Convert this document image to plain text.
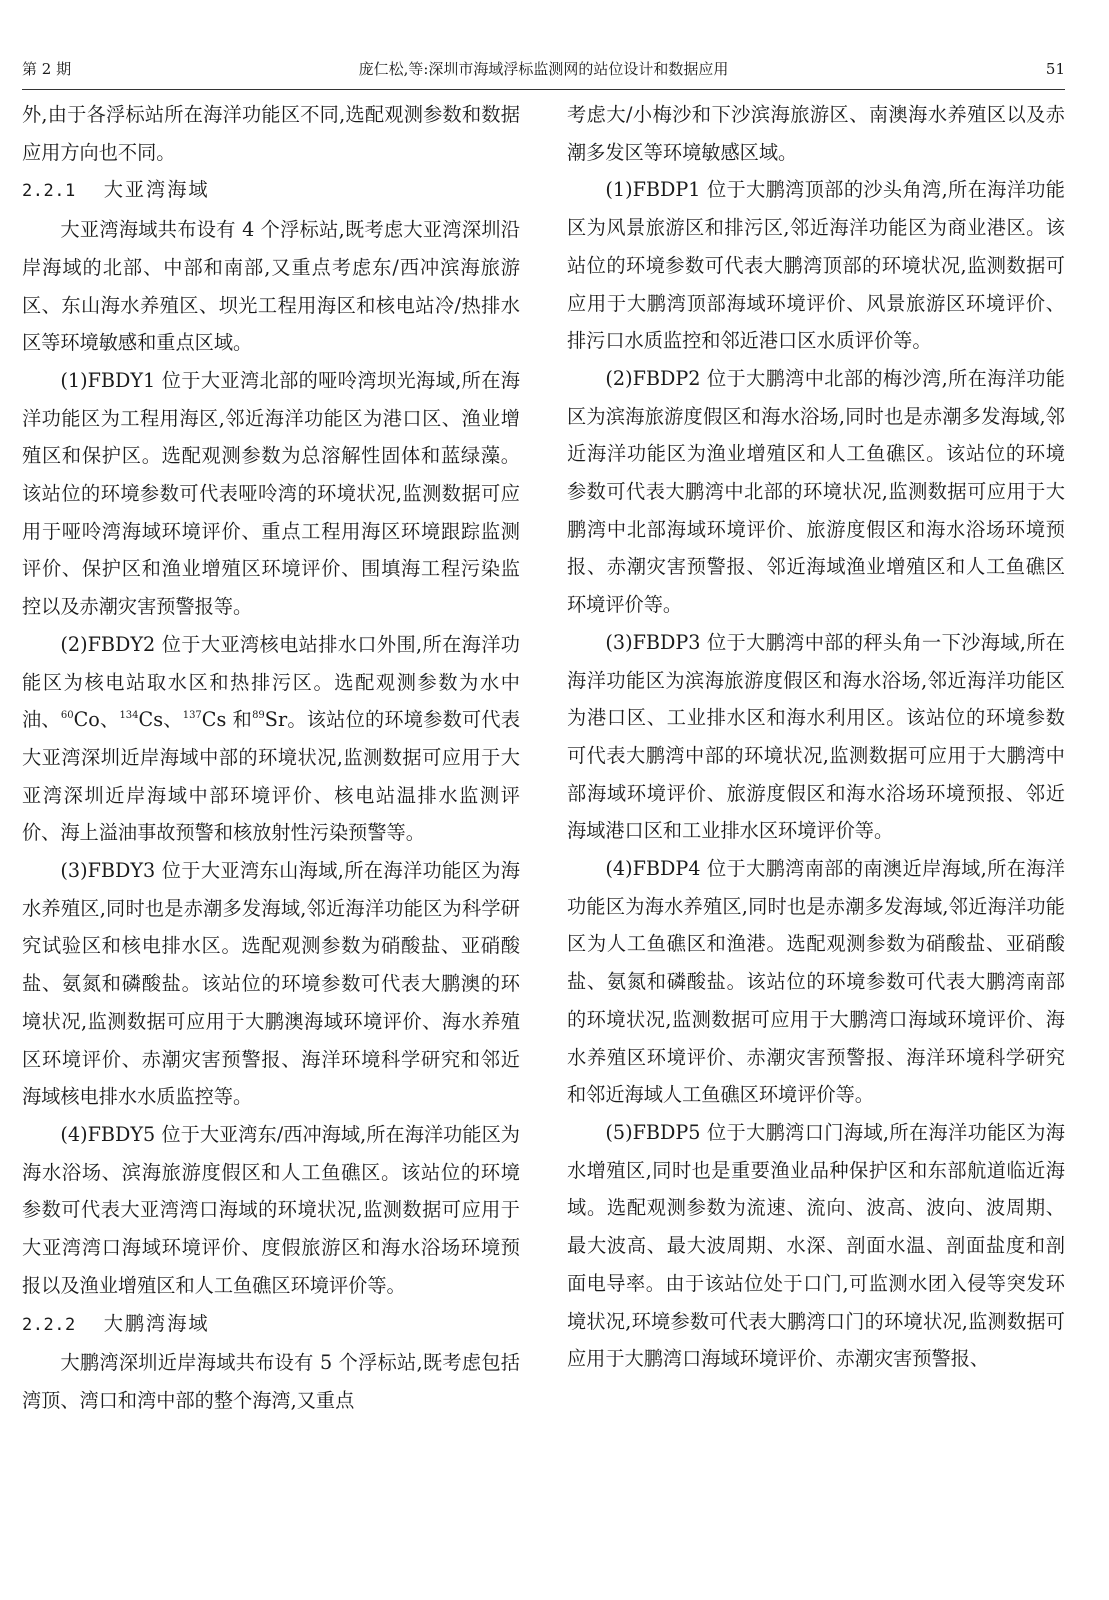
第 2 期	庞仁松,等:深圳市海域浮标监测网的站位设计和数据应用	51

外,由于各浮标站所在海洋功能区不同,选配观测参数和数据应用方向也不同。

2.2.1 大亚湾海域

大亚湾海域共布设有 4 个浮标站,既考虑大亚湾深圳沿岸海域的北部、中部和南部,又重点考虑东/西冲滨海旅游区、东山海水养殖区、坝光工程用海区和核电站冷/热排水区等环境敏感和重点区域。

(1)FBDY1 位于大亚湾北部的哑呤湾坝光海域,所在海洋功能区为工程用海区,邻近海洋功能区为港口区、渔业增殖区和保护区。选配观测参数为总溶解性固体和蓝绿藻。该站位的环境参数可代表哑呤湾的环境状况,监测数据可应用于哑呤湾海域环境评价、重点工程用海区环境跟踪监测评价、保护区和渔业增殖区环境评价、围填海工程污染监控以及赤潮灾害预警报等。

(2)FBDY2 位于大亚湾核电站排水口外围,所在海洋功能区为核电站取水区和热排污区。选配观测参数为水中油、$^{60}$Co、$^{134}$Cs、$^{137}$Cs 和$^{89}$Sr。该站位的环境参数可代表大亚湾深圳近岸海域中部的环境状况,监测数据可应用于大亚湾深圳近岸海域中部环境评价、核电站温排水监测评价、海上溢油事故预警和核放射性污染预警等。

(3)FBDY3 位于大亚湾东山海域,所在海洋功能区为海水养殖区,同时也是赤潮多发海域,邻近海洋功能区为科学研究试验区和核电排水区。选配观测参数为硝酸盐、亚硝酸盐、氨氮和磷酸盐。该站位的环境参数可代表大鹏澳的环境状况,监测数据可应用于大鹏澳海域环境评价、海水养殖区环境评价、赤潮灾害预警报、海洋环境科学研究和邻近海域核电排水水质监控等。

(4)FBDY5 位于大亚湾东/西冲海域,所在海洋功能区为海水浴场、滨海旅游度假区和人工鱼礁区。该站位的环境参数可代表大亚湾湾口海域的环境状况,监测数据可应用于大亚湾湾口海域环境评价、度假旅游区和海水浴场环境预报以及渔业增殖区和人工鱼礁区环境评价等。

2.2.2 大鹏湾海域

大鹏湾深圳近岸海域共布设有 5 个浮标站,既考虑包括湾顶、湾口和湾中部的整个海湾,又重点

考虑大/小梅沙和下沙滨海旅游区、南澳海水养殖区以及赤潮多发区等环境敏感区域。

(1)FBDP1 位于大鹏湾顶部的沙头角湾,所在海洋功能区为风景旅游区和排污区,邻近海洋功能区为商业港区。该站位的环境参数可代表大鹏湾顶部的环境状况,监测数据可应用于大鹏湾顶部海域环境评价、风景旅游区环境评价、排污口水质监控和邻近港口区水质评价等。

(2)FBDP2 位于大鹏湾中北部的梅沙湾,所在海洋功能区为滨海旅游度假区和海水浴场,同时也是赤潮多发海域,邻近海洋功能区为渔业增殖区和人工鱼礁区。该站位的环境参数可代表大鹏湾中北部的环境状况,监测数据可应用于大鹏湾中北部海域环境评价、旅游度假区和海水浴场环境预报、赤潮灾害预警报、邻近海域渔业增殖区和人工鱼礁区环境评价等。

(3)FBDP3 位于大鹏湾中部的秤头角一下沙海域,所在海洋功能区为滨海旅游度假区和海水浴场,邻近海洋功能区为港口区、工业排水区和海水利用区。该站位的环境参数可代表大鹏湾中部的环境状况,监测数据可应用于大鹏湾中部海域环境评价、旅游度假区和海水浴场环境预报、邻近海域港口区和工业排水区环境评价等。

(4)FBDP4 位于大鹏湾南部的南澳近岸海域,所在海洋功能区为海水养殖区,同时也是赤潮多发海域,邻近海洋功能区为人工鱼礁区和渔港。选配观测参数为硝酸盐、亚硝酸盐、氨氮和磷酸盐。该站位的环境参数可代表大鹏湾南部的环境状况,监测数据可应用于大鹏湾口海域环境评价、海水养殖区环境评价、赤潮灾害预警报、海洋环境科学研究和邻近海域人工鱼礁区环境评价等。

(5)FBDP5 位于大鹏湾口门海域,所在海洋功能区为海水增殖区,同时也是重要渔业品种保护区和东部航道临近海域。选配观测参数为流速、流向、波高、波向、波周期、最大波高、最大波周期、水深、剖面水温、剖面盐度和剖面电导率。由于该站位处于口门,可监测水团入侵等突发环境状况,环境参数可代表大鹏湾口门的环境状况,监测数据可应用于大鹏湾口海域环境评价、赤潮灾害预警报、
